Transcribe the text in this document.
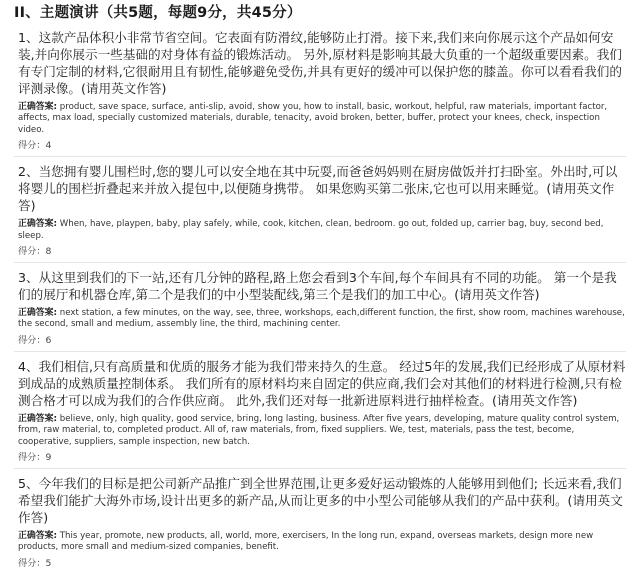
II、主题演讲（共5题，每题9分，共45分）
1、这款产品体积小非常节省空间。它表面有防滑纹,能够防止打滑。接下来,我们来向你展示这个产品如何安装,并向你展示一些基础的对身体有益的锻炼活动。 另外,原材料是影响其最大负重的一个超级重要因素。我们有专门定制的材料,它很耐用且有韧性,能够避免受伤,并具有更好的缓冲可以保护您的膝盖。你可以看看我们的评测录像。(请用英文作答)
正确答案: product, save space, surface, anti-slip, avoid, show you, how to install, basic, workout, helpful, raw materials, important factor, affects, max load, specially customized materials, durable, tenacity, avoid broken, better, buffer, protect your knees, check, inspection video.
得分：4
2、当您拥有婴儿围栏时,您的婴儿可以安全地在其中玩耍,而爸爸妈妈则在厨房做饭并打扫卧室。外出时,可以将婴儿的围栏折叠起来并放入提包中,以便随身携带。 如果您购买第二张床,它也可以用来睡觉。(请用英文作答)
正确答案: When, have, playpen, baby, play safely, while, cook, kitchen, clean, bedroom. go out, folded up, carrier bag, buy, second bed, sleep.
得分：8
3、从这里到我们的下一站,还有几分钟的路程,路上您会看到3个车间,每个车间具有不同的功能。 第一个是我们的展厅和机器仓库,第二个是我们的中小型装配线,第三个是我们的加工中心。(请用英文作答)
正确答案: next station, a few minutes, on the way, see, three, workshops, each,different function, the first, show room, machines warehouse, the second, small and medium, assembly line, the third, machining center.
得分：6
4、我们相信,只有高质量和优质的服务才能为我们带来持久的生意。 经过5年的发展,我们已经形成了从原材料到成品的成熟质量控制体系。 我们所有的原材料均来自固定的供应商,我们会对其他们的材料进行检测,只有检测合格才可以成为我们的合作供应商。 此外,我们还对每一批新进原料进行抽样检查。(请用英文作答)
正确答案: believe, only, high quality, good service, bring, long lasting, business. After five years, developing, mature quality control system, from, raw material, to, completed product. All of, raw materials, from, fixed suppliers. We, test, materials, pass the test, become, cooperative, suppliers, sample inspection, new batch.
得分：9
5、今年我们的目标是把公司新产品推广到全世界范围,让更多爱好运动锻炼的人能够用到他们; 长远来看,我们希望我们能扩大海外市场,设计出更多的新产品,从而让更多的中小型公司能够从我们的产品中获利。(请用英文作答)
正确答案: This year, promote, new products, all, world, more, exercisers, In the long run, expand, overseas markets, design more new products, more small and medium-sized companies, benefit.
得分：5
